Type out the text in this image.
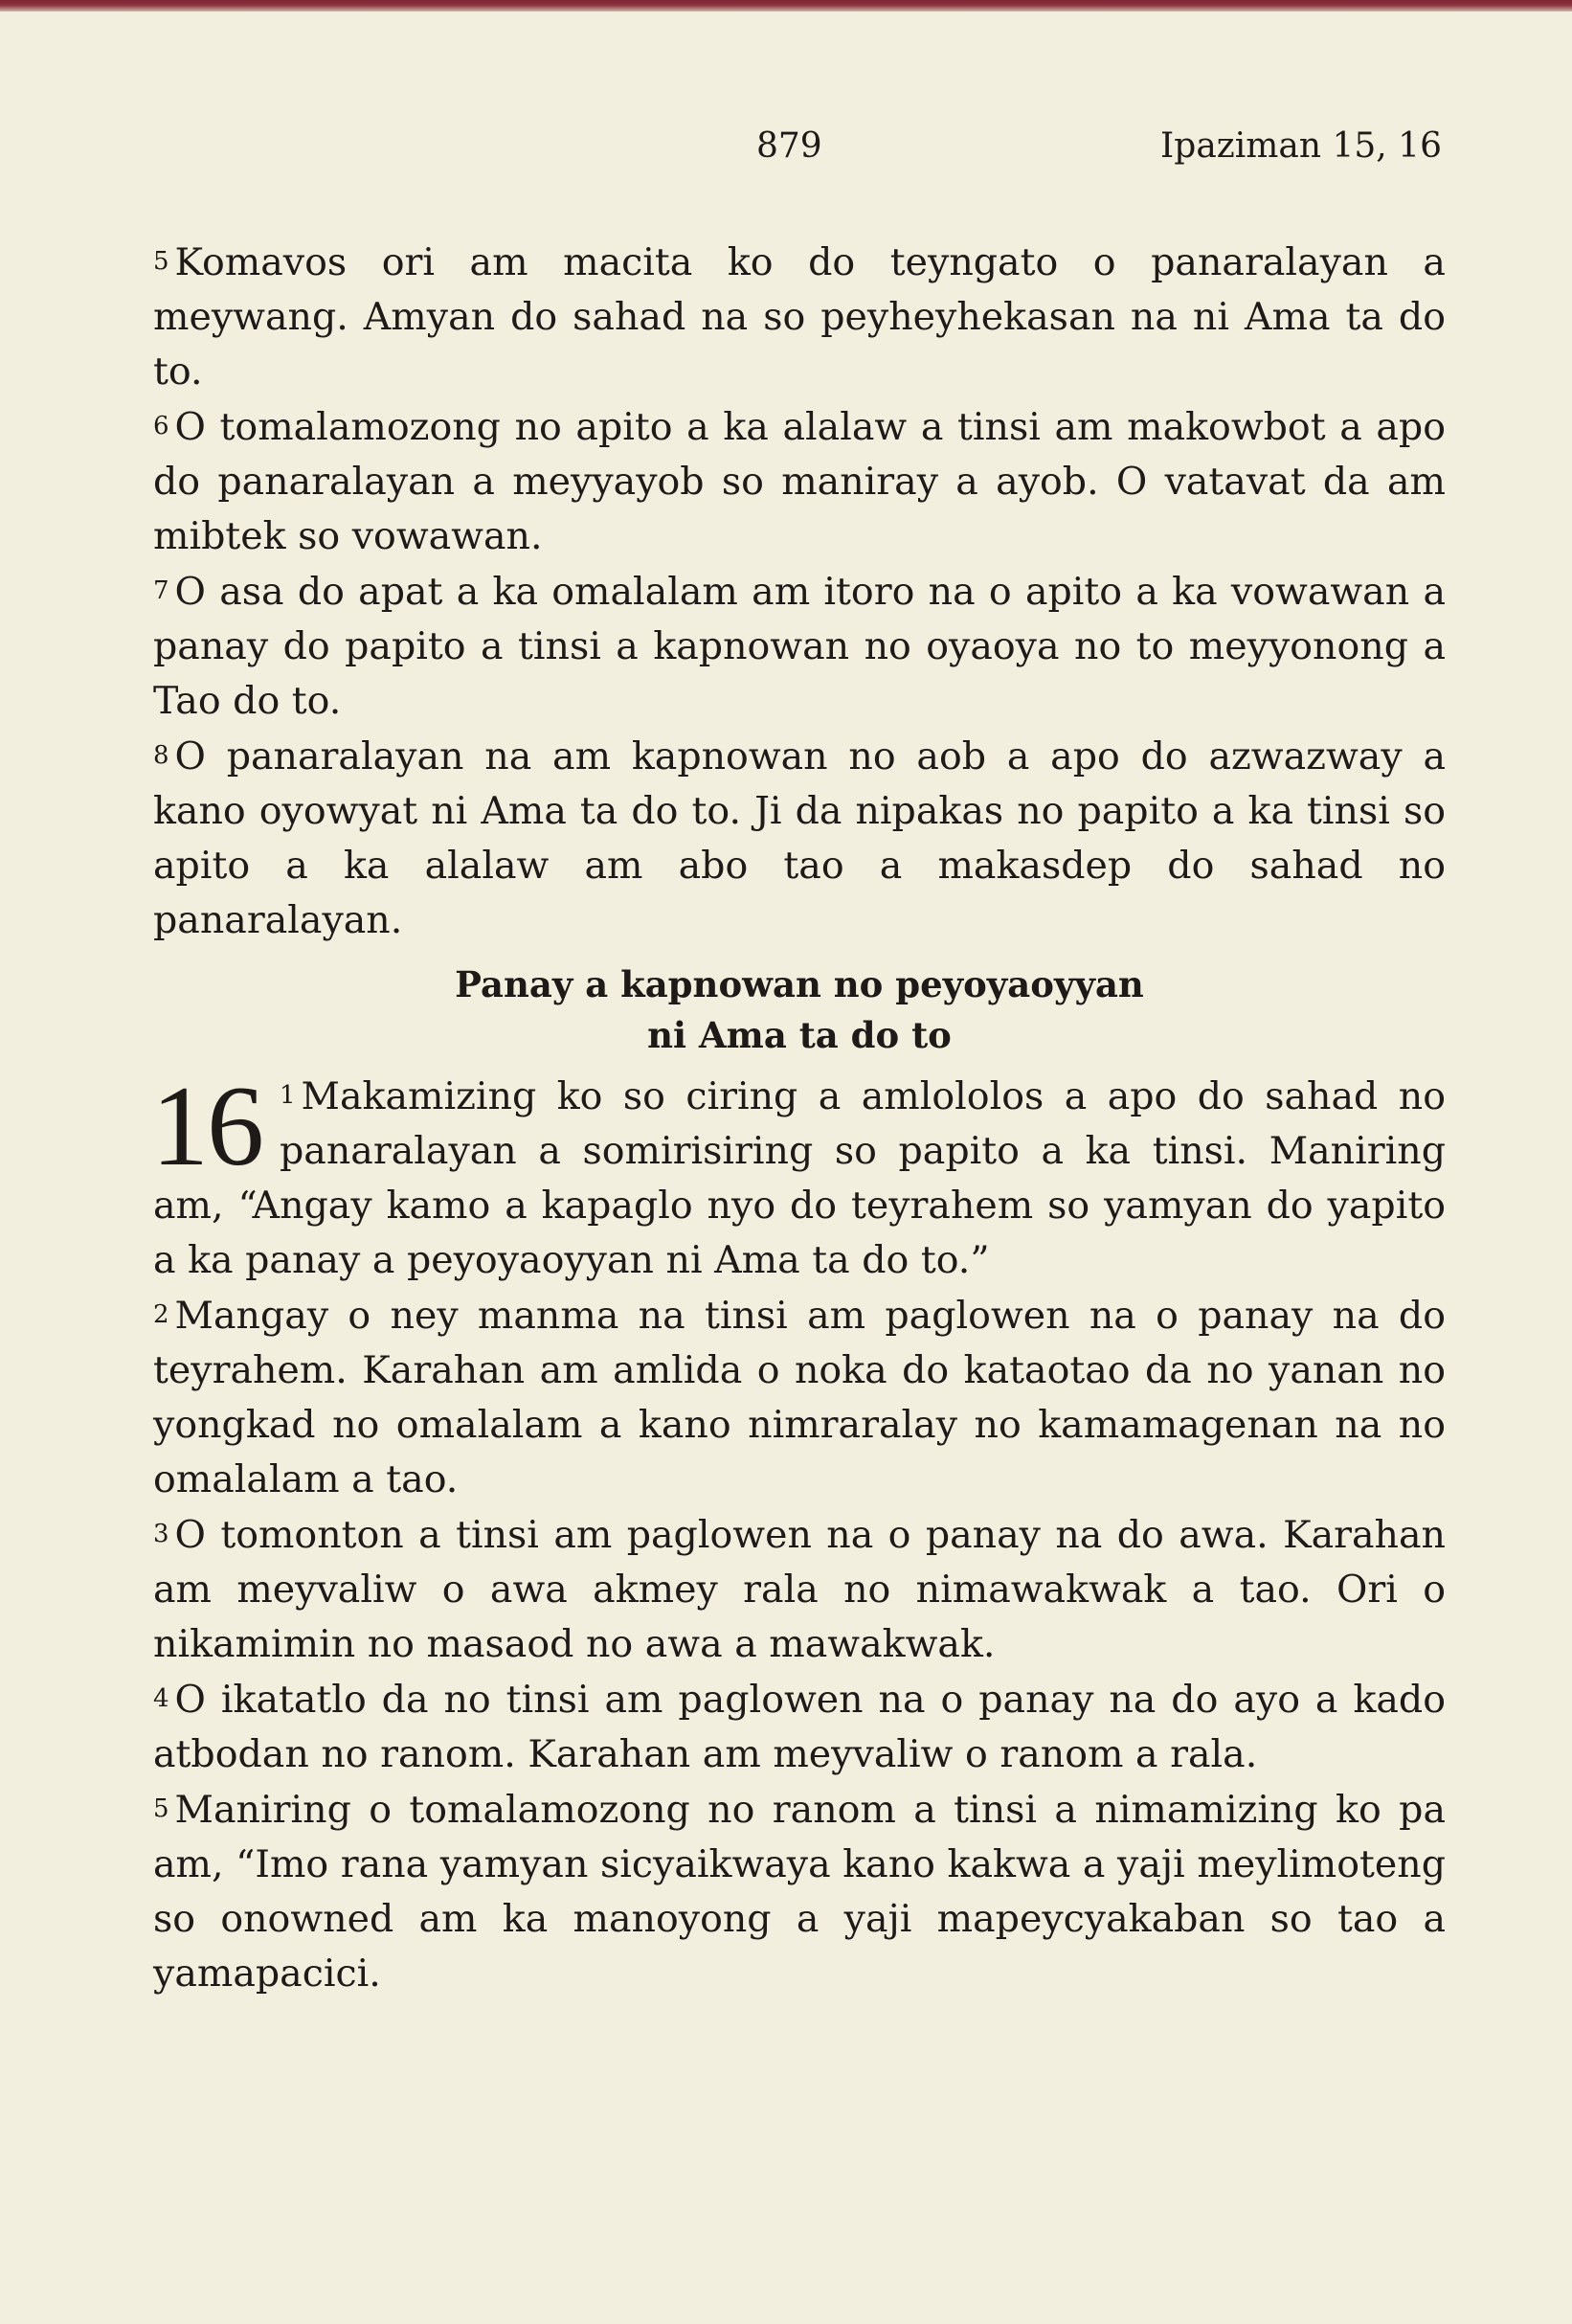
879	Ipaziman 15, 16

$^5$ Komavos ori am macita ko do teyngato o panaralayan a meywang. Amyan do sahad na so peyheyhekasan na ni Ama ta do to.

$^6$ O tomalamozong no apito a ka alalaw a tinsi am makowbot a apo do panaralayan a meyyayob so maniray a ayob. O vatavat da am mibtek so vowawan.

$^7$ O asa do apat a ka omalalam am itoro na o apito a ka vowawan a panay do papito a tinsi a kapnowan no oyaoya no to meyyonong a Tao do to.

$^8$ O panaralayan na am kapnowan no aob a apo do azwazway a kano oyowyat ni Ama ta do to. Ji da nipakas no papito a ka tinsi so apito a ka alalaw am abo tao a makasdep do sahad no panaralayan.

Panay a kapnowan no peyoyaoyyan
ni Ama ta do to

16 $^1$ Makamizing ko so ciring a amlololos a apo do sahad no panaralayan a somirisiring so papito a ka tinsi. Maniring am, “Angay kamo a kapaglo nyo do teyrahem so yamyan do yapito a ka panay a peyoyaoyyan ni Ama ta do to.”

$^2$ Mangay o ney manma na tinsi am paglowen na o panay na do teyrahem. Karahan am amlida o noka do kataotao da no yanan no yongkad no omalalam a kano nimraralay no kamamagenan na no omalalam a tao.

$^3$ O tomonton a tinsi am paglowen na o panay na do awa. Karahan am meyvaliw o awa akmey rala no nimawakwak a tao. Ori o nikamimin no masaod no awa a mawakwak.

$^4$ O ikatatlo da no tinsi am paglowen na o panay na do ayo a kado atbodan no ranom. Karahan am meyvaliw o ranom a rala.

$^5$ Maniring o tomalamozong no ranom a tinsi a nimamizing ko pa am, “Imo rana yamyan sicyaikwaya kano kakwa a yaji meylimoteng so onowned am ka manoyong a yaji mapeycyakaban so tao a yamapacici.
